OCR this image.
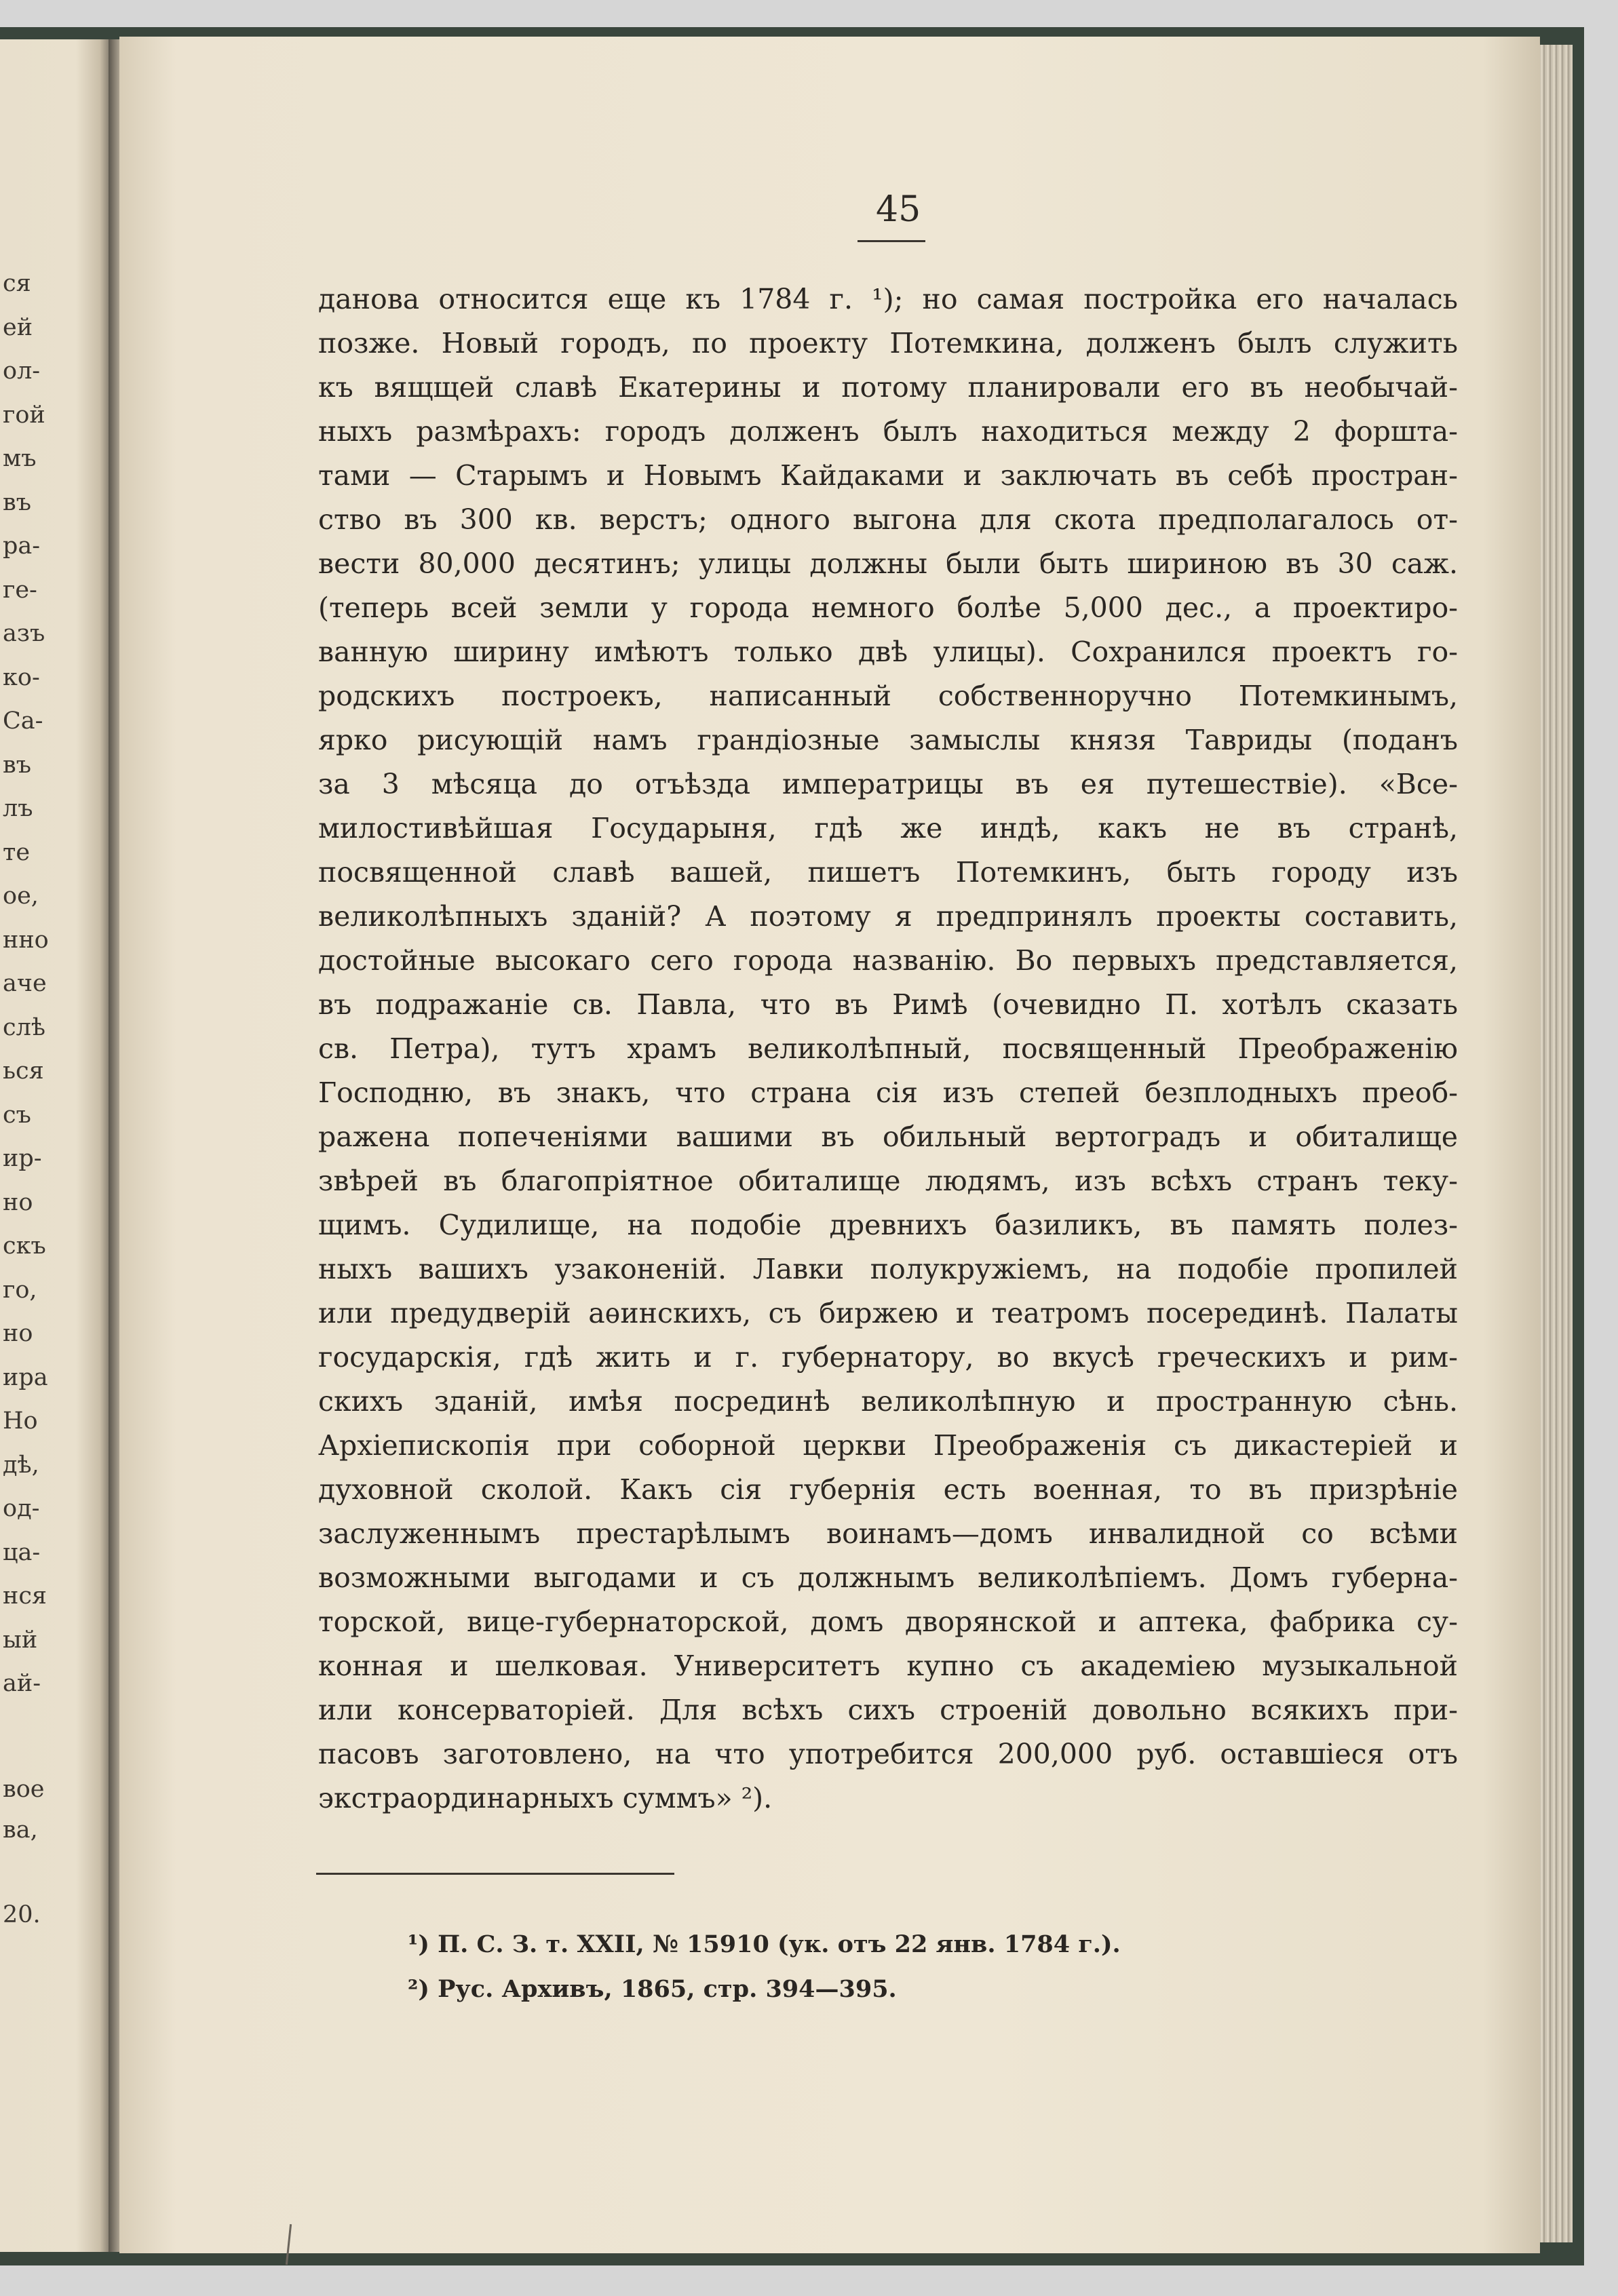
ся
ей
ол-
гой
мъ
въ
ра-
ге-
азъ
ко-
Са-
въ
лъ
те
ое,
нно
аче
слѣ
ься
съ
ир-
но
скъ
го,
но
ира
Но
дѣ,
од-
ца-
нся
ый
ай-
вое
ва,
20.
45
данова относится еще къ 1784 г. ¹); но самая постройка его началась
позже. Новый городъ, по проекту Потемкина, долженъ былъ служить
къ вящщей славѣ Екатерины и потому планировали его въ необычай-
ныхъ размѣрахъ: городъ долженъ былъ находиться между 2 форшта-
тами — Старымъ и Новымъ Кайдаками и заключать въ себѣ простран-
ство въ 300 кв. верстъ; одного выгона для скота предполагалось от-
вести 80,000 десятинъ; улицы должны были быть шириною въ 30 саж.
(теперь всей земли у города немного болѣе 5,000 дес., а проектиро-
ванную ширину имѣютъ только двѣ улицы). Сохранился проектъ го-
родскихъ построекъ, написанный собственноручно Потемкинымъ,
ярко рисующій намъ грандіозные замыслы князя Тавриды (поданъ
за 3 мѣсяца до отъѣзда императрицы въ ея путешествіе). «Все-
милостивѣйшая Государыня, гдѣ же индѣ, какъ не въ странѣ,
посвященной славѣ вашей, пишетъ Потемкинъ, быть городу изъ
великолѣпныхъ зданій? А поэтому я предпринялъ проекты составить,
достойные высокаго сего города названію. Во первыхъ представляется,
въ подражаніе св. Павла, что въ Римѣ (очевидно П. хотѣлъ сказать
св. Петра), тутъ храмъ великолѣпный, посвященный Преображенію
Господню, въ знакъ, что страна сія изъ степей безплодныхъ преоб-
ражена попеченіями вашими въ обильный вертоградъ и обиталище
звѣрей въ благопріятное обиталище людямъ, изъ всѣхъ странъ теку-
щимъ. Судилище, на подобіе древнихъ базиликъ, въ память полез-
ныхъ вашихъ узаконеній. Лавки полукружіемъ, на подобіе пропилей
или предудверій аѳинскихъ, съ биржею и театромъ посерединѣ. Палаты
государскія, гдѣ жить и г. губернатору, во вкусѣ греческихъ и рим-
скихъ зданій, имѣя посрединѣ великолѣпную и пространную сѣнь.
Архіепископія при соборной церкви Преображенія съ дикастеріей и
духовной сколой. Какъ сія губернія есть военная, то въ призрѣніе
заслуженнымъ престарѣлымъ воинамъ—домъ инвалидной со всѣми
возможными выгодами и съ должнымъ великолѣпіемъ. Домъ губерна-
торской, вице-губернаторской, домъ дворянской и аптека, фабрика су-
конная и шелковая. Университетъ купно съ академіею музыкальной
или консерваторіей. Для всѣхъ сихъ строеній довольно всякихъ при-
пасовъ заготовлено, на что употребится 200,000 руб. оставшіеся отъ
экстраординарныхъ суммъ» ²).
¹) П. С. З. т. XXII, № 15910 (ук. отъ 22 янв. 1784 г.).
²) Рус. Архивъ, 1865, стр. 394—395.
